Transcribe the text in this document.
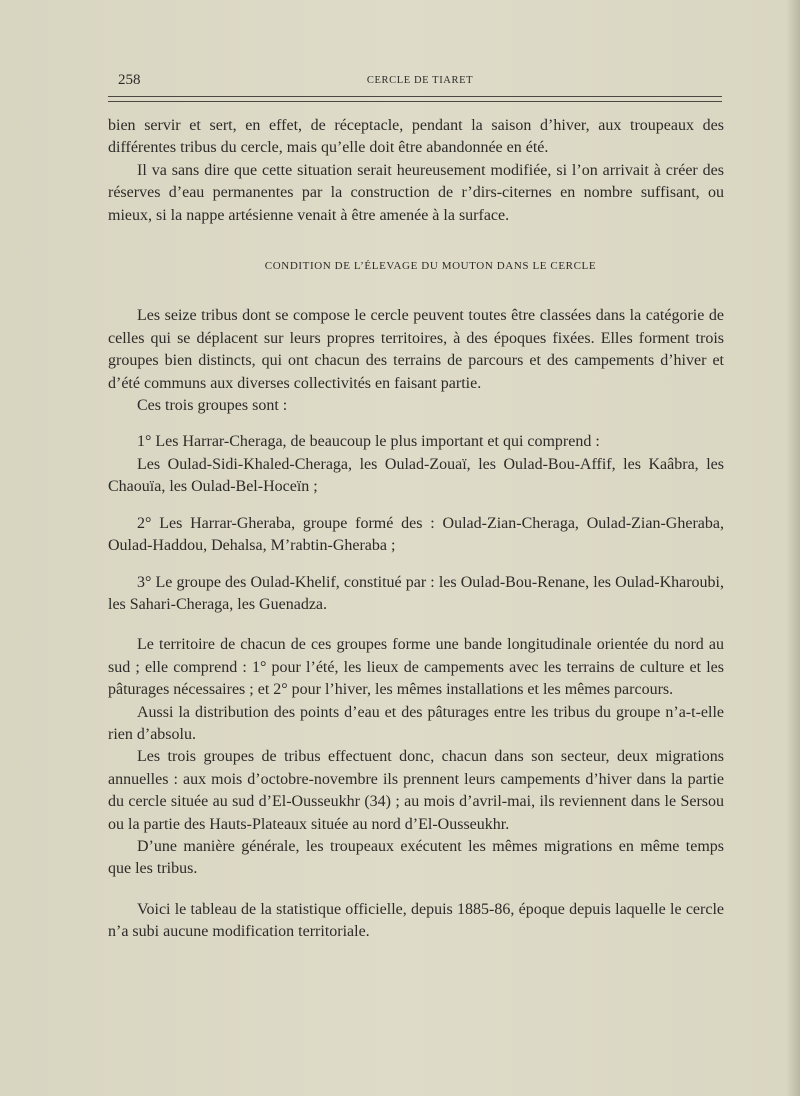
258	CERCLE DE TIARET

bien servir et sert, en effet, de réceptacle, pendant la saison d’hiver, aux troupeaux des différentes tribus du cercle, mais qu’elle doit être abandonnée en été.

Il va sans dire que cette situation serait heureusement modifiée, si l’on arrivait à créer des réserves d’eau permanentes par la construction de r’dirs-citernes en nombre suffisant, ou mieux, si la nappe artésienne venait à être amenée à la surface.

CONDITION DE L’ÉLEVAGE DU MOUTON DANS LE CERCLE

Les seize tribus dont se compose le cercle peuvent toutes être classées dans la catégorie de celles qui se déplacent sur leurs propres territoires, à des époques fixées. Elles forment trois groupes bien distincts, qui ont chacun des terrains de parcours et des campements d’hiver et d’été communs aux diverses collectivités en faisant partie.

Ces trois groupes sont :

1° Les Harrar-Cheraga, de beaucoup le plus important et qui comprend :

Les Oulad-Sidi-Khaled-Cheraga, les Oulad-Zouaï, les Oulad-Bou-Affif, les Kaâbra, les Chaouïa, les Oulad-Bel-Hoceïn ;

2° Les Harrar-Gheraba, groupe formé des : Oulad-Zian-Cheraga, Oulad-Zian-Gheraba, Oulad-Haddou, Dehalsa, M’rabtin-Gheraba ;

3° Le groupe des Oulad-Khelif, constitué par : les Oulad-Bou-Renane, les Oulad-Kharoubi, les Sahari-Cheraga, les Guenadza.

Le territoire de chacun de ces groupes forme une bande longitudinale orientée du nord au sud ; elle comprend : 1° pour l’été, les lieux de campements avec les terrains de culture et les pâturages nécessaires ; et 2° pour l’hiver, les mêmes installations et les mêmes parcours.

Aussi la distribution des points d’eau et des pâturages entre les tribus du groupe n’a-t-elle rien d’absolu.

Les trois groupes de tribus effectuent donc, chacun dans son secteur, deux migrations annuelles : aux mois d’octobre-novembre ils prennent leurs campements d’hiver dans la partie du cercle située au sud d’El-Ousseukhr (34) ; au mois d’avril-mai, ils reviennent dans le Sersou ou la partie des Hauts-Plateaux située au nord d’El-Ousseukhr.

D’une manière générale, les troupeaux exécutent les mêmes migrations en même temps que les tribus.

Voici le tableau de la statistique officielle, depuis 1885-86, époque depuis laquelle le cercle n’a subi aucune modification territoriale.
